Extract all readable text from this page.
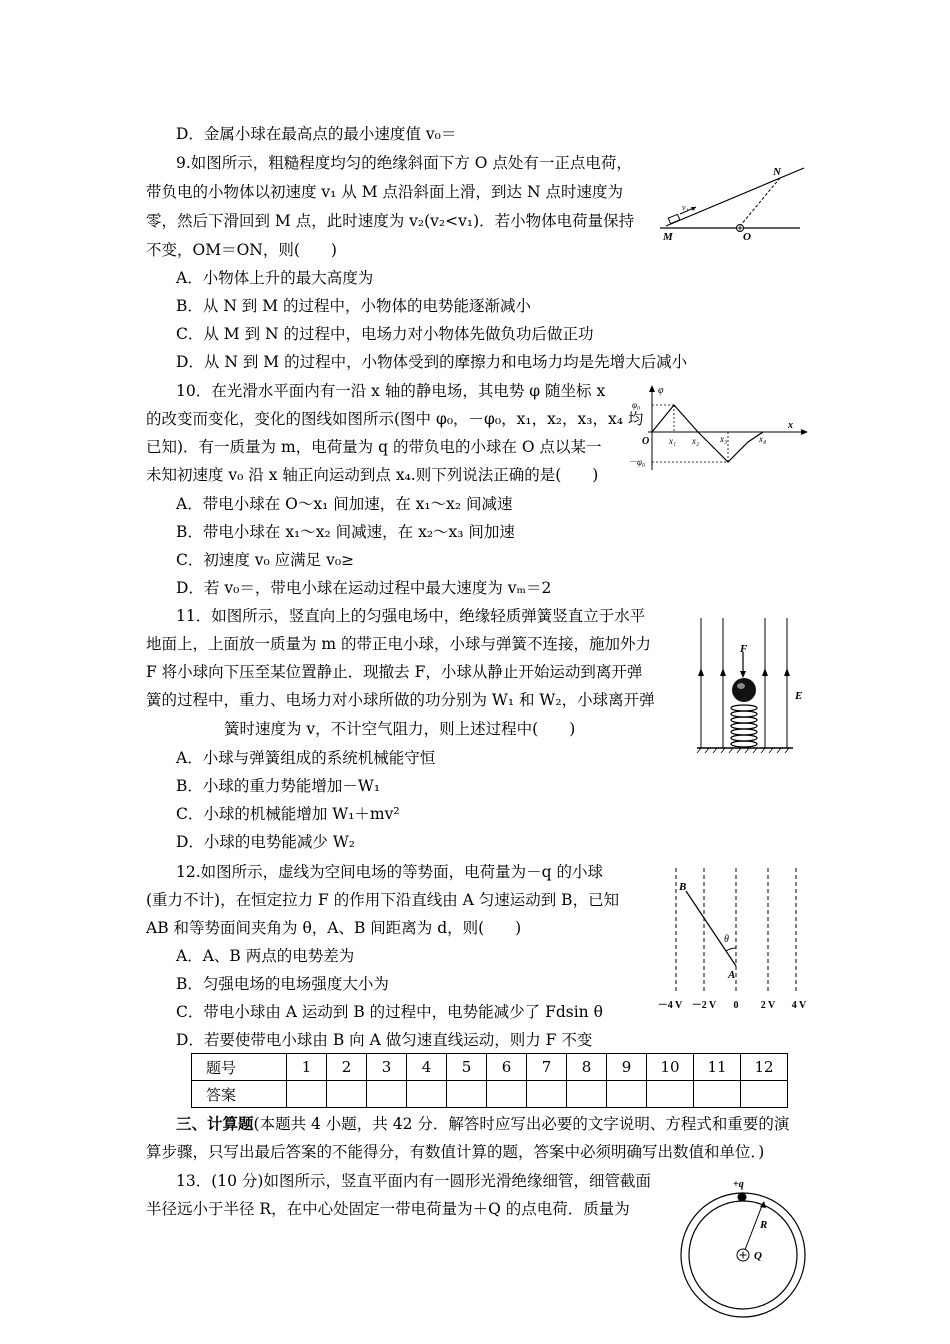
D．金属小球在最高点的最小速度值 v₀＝
9.如图所示，粗糙程度均匀的绝缘斜面下方 O 点处有一正点电荷，
带负电的小物体以初速度 v₁ 从 M 点沿斜面上滑，到达 N 点时速度为
零，然后下滑回到 M 点，此时速度为 v₂(v₂<v₁)．若小物体电荷量保持
不变，OM＝ON，则(　　)
A．小物体上升的最大高度为
B．从 N 到 M 的过程中，小物体的电势能逐渐减小
C．从 M 到 N 的过程中，电场力对小物体先做负功后做正功
D．从 N 到 M 的过程中，小物体受到的摩擦力和电场力均是先增大后减小
N
M	O
v₁
10．在光滑水平面内有一沿 x 轴的静电场，其电势 φ 随坐标 x
的改变而变化，变化的图线如图所示(图中 φ₀，－φ₀，x₁，x₂，x₃，x₄ 均
已知)．有一质量为 m，电荷量为 q 的带负电的小球在 O 点以某一
未知初速度 v₀ 沿 x 轴正向运动到点 x₄.则下列说法正确的是(　　)
A．带电小球在 O～x₁ 间加速，在 x₁～x₂ 间减速
B．带电小球在 x₁～x₂ 间减速，在 x₂～x₃ 间加速
C．初速度 v₀ 应满足 v₀≥
D．若 v₀＝，带电小球在运动过程中最大速度为 vₘ＝2
φ
φ₀
－φ₀
O
x
x₁ x₂ x₃	x₄
11．如图所示，竖直向上的匀强电场中，绝缘轻质弹簧竖直立于水平
地面上，上面放一质量为 m 的带正电小球，小球与弹簧不连接，施加外力
F 将小球向下压至某位置静止．现撤去 F，小球从静止开始运动到离开弹
簧的过程中，重力、电场力对小球所做的功分别为 W₁ 和 W₂，小球离开弹
簧时速度为 v，不计空气阻力，则上述过程中(　　)
A．小球与弹簧组成的系统机械能守恒
B．小球的重力势能增加－W₁
C．小球的机械能增加 W₁＋mv²
D．小球的电势能减少 W₂
F
E
12.如图所示，虚线为空间电场的等势面，电荷量为－q 的小球
(重力不计)，在恒定拉力 F 的作用下沿直线由 A 匀速运动到 B，已知
AB 和等势面间夹角为 θ，A、B 间距离为 d，则(　　)
A．A、B 两点的电势差为
B．匀强电场的电场强度大小为
C．带电小球由 A 运动到 B 的过程中，电势能减少了 Fdsin θ
D．若要使带电小球由 B 向 A 做匀速直线运动，则力 F 不变
B
A
θ
－4 V －2 V 0 2 V 4 V
题号	1	2	3	4	5	6	7	8	9	10	11	12
答案												
三、计算题(本题共 4 小题，共 42 分．解答时应写出必要的文字说明、方程式和重要的演
算步骤，只写出最后答案的不能得分，有数值计算的题，答案中必须明确写出数值和单位．)
13．(10 分)如图所示，竖直平面内有一圆形光滑绝缘细管，细管截面
半径远小于半径 R，在中心处固定一带电荷量为＋Q 的点电荷．质量为
+q
R
Q
